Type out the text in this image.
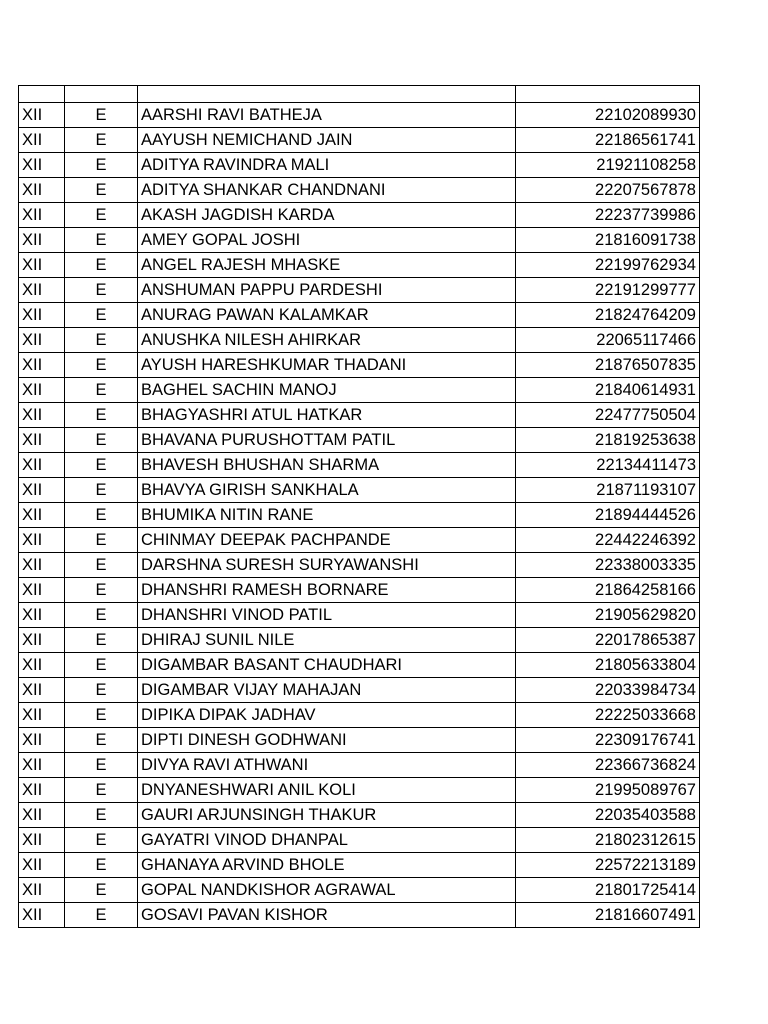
XII	E	AARSHI RAVI BATHEJA	22102089930
XII	E	AAYUSH NEMICHAND JAIN	22186561741
XII	E	ADITYA RAVINDRA MALI	21921108258
XII	E	ADITYA SHANKAR CHANDNANI	22207567878
XII	E	AKASH JAGDISH KARDA	22237739986
XII	E	AMEY GOPAL JOSHI	21816091738
XII	E	ANGEL RAJESH MHASKE	22199762934
XII	E	ANSHUMAN PAPPU PARDESHI	22191299777
XII	E	ANURAG PAWAN KALAMKAR	21824764209
XII	E	ANUSHKA NILESH AHIRKAR	22065117466
XII	E	AYUSH HARESHKUMAR THADANI	21876507835
XII	E	BAGHEL SACHIN MANOJ	21840614931
XII	E	BHAGYASHRI ATUL HATKAR	22477750504
XII	E	BHAVANA PURUSHOTTAM PATIL	21819253638
XII	E	BHAVESH BHUSHAN SHARMA	22134411473
XII	E	BHAVYA GIRISH SANKHALA	21871193107
XII	E	BHUMIKA NITIN RANE	21894444526
XII	E	CHINMAY DEEPAK PACHPANDE	22442246392
XII	E	DARSHNA SURESH SURYAWANSHI	22338003335
XII	E	DHANSHRI RAMESH BORNARE	21864258166
XII	E	DHANSHRI VINOD PATIL	21905629820
XII	E	DHIRAJ SUNIL NILE	22017865387
XII	E	DIGAMBAR BASANT CHAUDHARI	21805633804
XII	E	DIGAMBAR VIJAY MAHAJAN	22033984734
XII	E	DIPIKA DIPAK JADHAV	22225033668
XII	E	DIPTI DINESH GODHWANI	22309176741
XII	E	DIVYA RAVI ATHWANI	22366736824
XII	E	DNYANESHWARI ANIL KOLI	21995089767
XII	E	GAURI ARJUNSINGH THAKUR	22035403588
XII	E	GAYATRI VINOD DHANPAL	21802312615
XII	E	GHANAYA ARVIND BHOLE	22572213189
XII	E	GOPAL NANDKISHOR AGRAWAL	21801725414
XII	E	GOSAVI PAVAN KISHOR	21816607491
